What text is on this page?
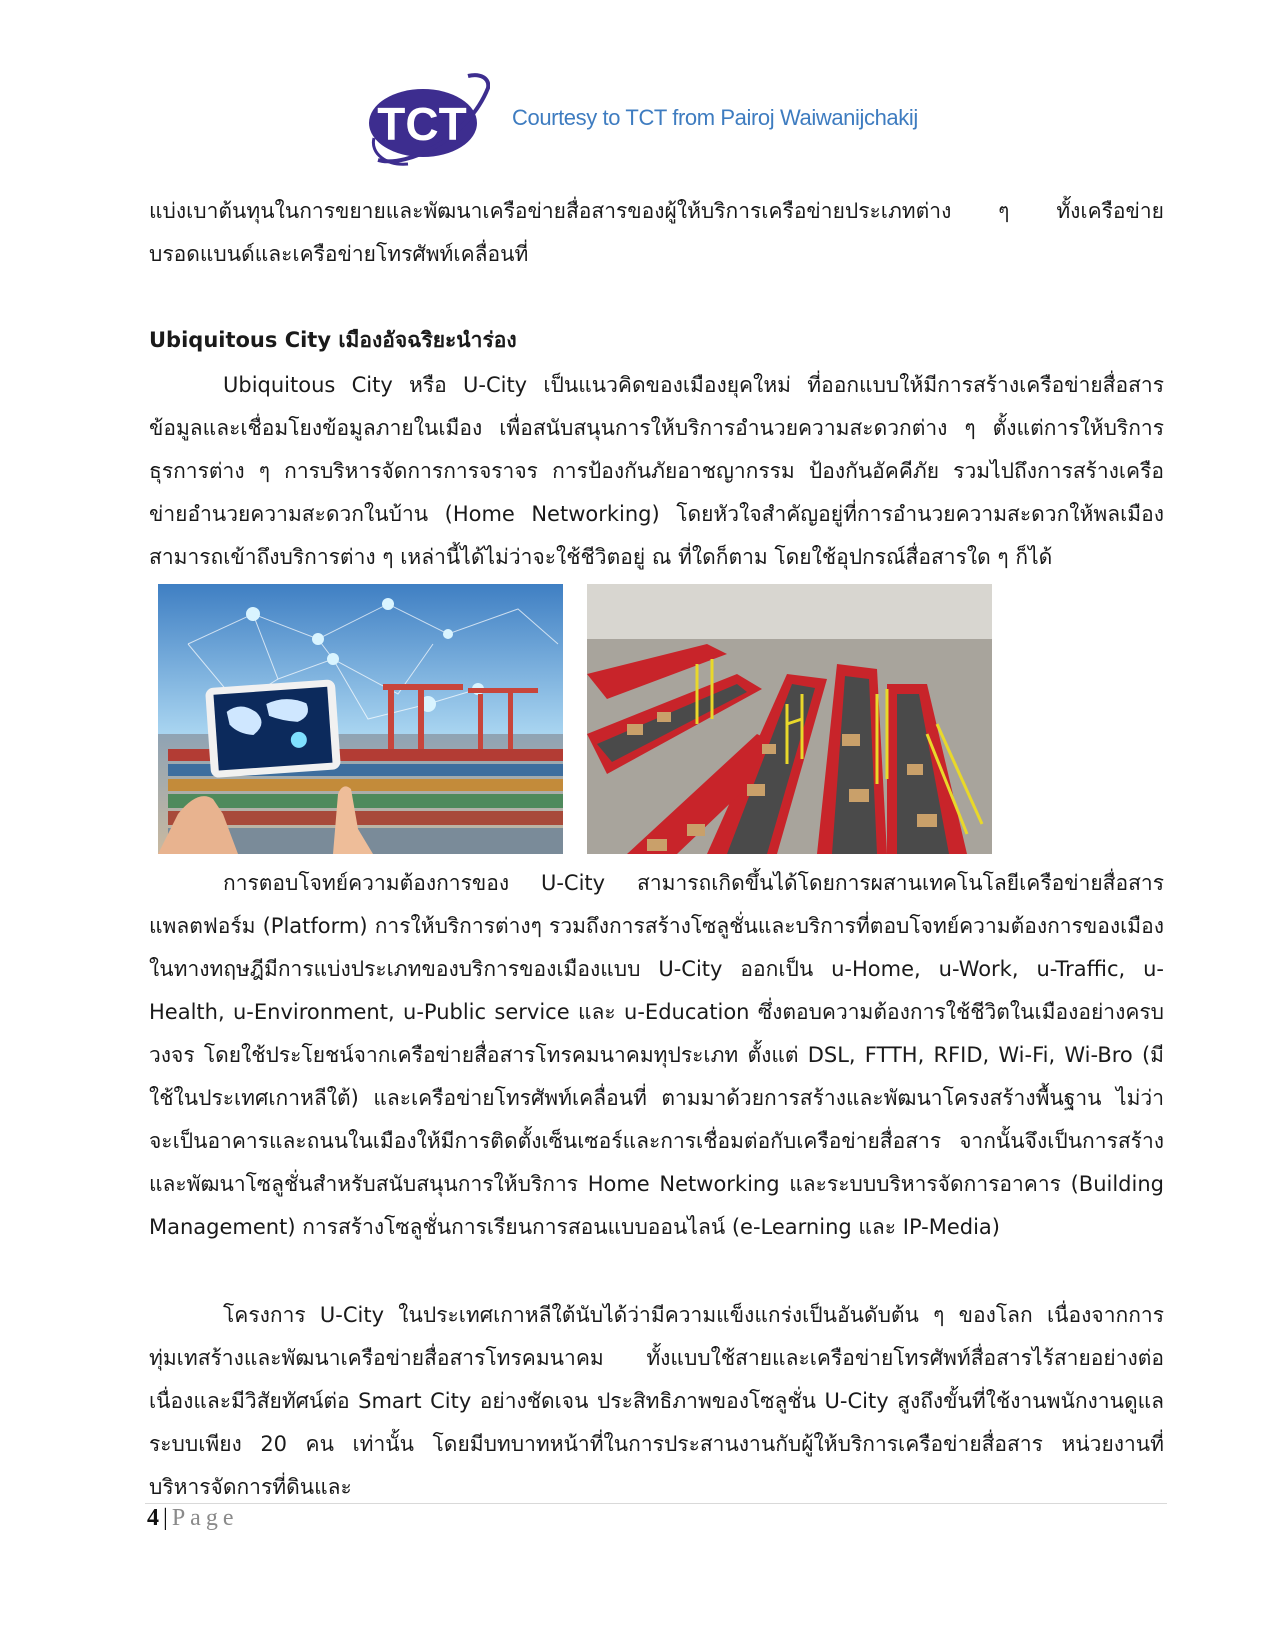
TCT Courtesy to TCT from Pairoj Waiwanijchakij

แบ่งเบาต้นทุนในการขยายและพัฒนาเครือข่ายสื่อสารของผู้ให้บริการเครือข่ายประเภทต่าง ๆ ทั้งเครือข่ายบรอดแบนด์และเครือข่ายโทรศัพท์เคลื่อนที่

Ubiquitous City เมืองอัจฉริยะนำร่อง

Ubiquitous City หรือ U-City เป็นแนวคิดของเมืองยุคใหม่ ที่ออกแบบให้มีการสร้างเครือข่ายสื่อสารข้อมูลและเชื่อมโยงข้อมูลภายในเมือง เพื่อสนับสนุนการให้บริการอำนวยความสะดวกต่าง ๆ ตั้งแต่การให้บริการธุรการต่าง ๆ การบริหารจัดการการจราจร การป้องกันภัยอาชญากรรม ป้องกันอัคคีภัย รวมไปถึงการสร้างเครือข่ายอำนวยความสะดวกในบ้าน (Home Networking) โดยหัวใจสำคัญอยู่ที่การอำนวยความสะดวกให้พลเมืองสามารถเข้าถึงบริการต่าง ๆ เหล่านี้ได้ไม่ว่าจะใช้ชีวิตอยู่ ณ ที่ใดก็ตาม โดยใช้อุปกรณ์สื่อสารใด ๆ ก็ได้

การตอบโจทย์ความต้องการของ U-City สามารถเกิดขึ้นได้โดยการผสานเทคโนโลยีเครือข่ายสื่อสาร แพลตฟอร์ม (Platform) การให้บริการต่างๆ รวมถึงการสร้างโซลูชั่นและบริการที่ตอบโจทย์ความต้องการของเมือง ในทางทฤษฎีมีการแบ่งประเภทของบริการของเมืองแบบ U-City ออกเป็น u-Home, u-Work, u-Traffic, u-Health, u-Environment, u-Public service และ u-Education ซึ่งตอบความต้องการใช้ชีวิตในเมืองอย่างครบวงจร โดยใช้ประโยชน์จากเครือข่ายสื่อสารโทรคมนาคมทุประเภท ตั้งแต่ DSL, FTTH, RFID, Wi-Fi, Wi-Bro (มีใช้ในประเทศเกาหลีใต้) และเครือข่ายโทรศัพท์เคลื่อนที่ ตามมาด้วยการสร้างและพัฒนาโครงสร้างพื้นฐาน ไม่ว่าจะเป็นอาคารและถนนในเมืองให้มีการติดตั้งเซ็นเซอร์และการเชื่อมต่อกับเครือข่ายสื่อสาร จากนั้นจึงเป็นการสร้างและพัฒนาโซลูชั่นสำหรับสนับสนุนการให้บริการ Home Networking และระบบบริหารจัดการอาคาร (Building Management) การสร้างโซลูชั่นการเรียนการสอนแบบออนไลน์ (e-Learning และ IP-Media)

โครงการ U-City ในประเทศเกาหลีใต้นับได้ว่ามีความแข็งแกร่งเป็นอันดับต้น ๆ ของโลก เนื่องจากการทุ่มเทสร้างและพัฒนาเครือข่ายสื่อสารโทรคมนาคม ทั้งแบบใช้สายและเครือข่ายโทรศัพท์สื่อสารไร้สายอย่างต่อเนื่องและมีวิสัยทัศน์ต่อ Smart City อย่างชัดเจน ประสิทธิภาพของโซลูชั่น U-City สูงถึงขั้นที่ใช้งานพนักงานดูแลระบบเพียง 20 คน เท่านั้น โดยมีบทบาทหน้าที่ในการประสานงานกับผู้ให้บริการเครือข่ายสื่อสาร หน่วยงานที่บริหารจัดการที่ดินและ

4 | Page
